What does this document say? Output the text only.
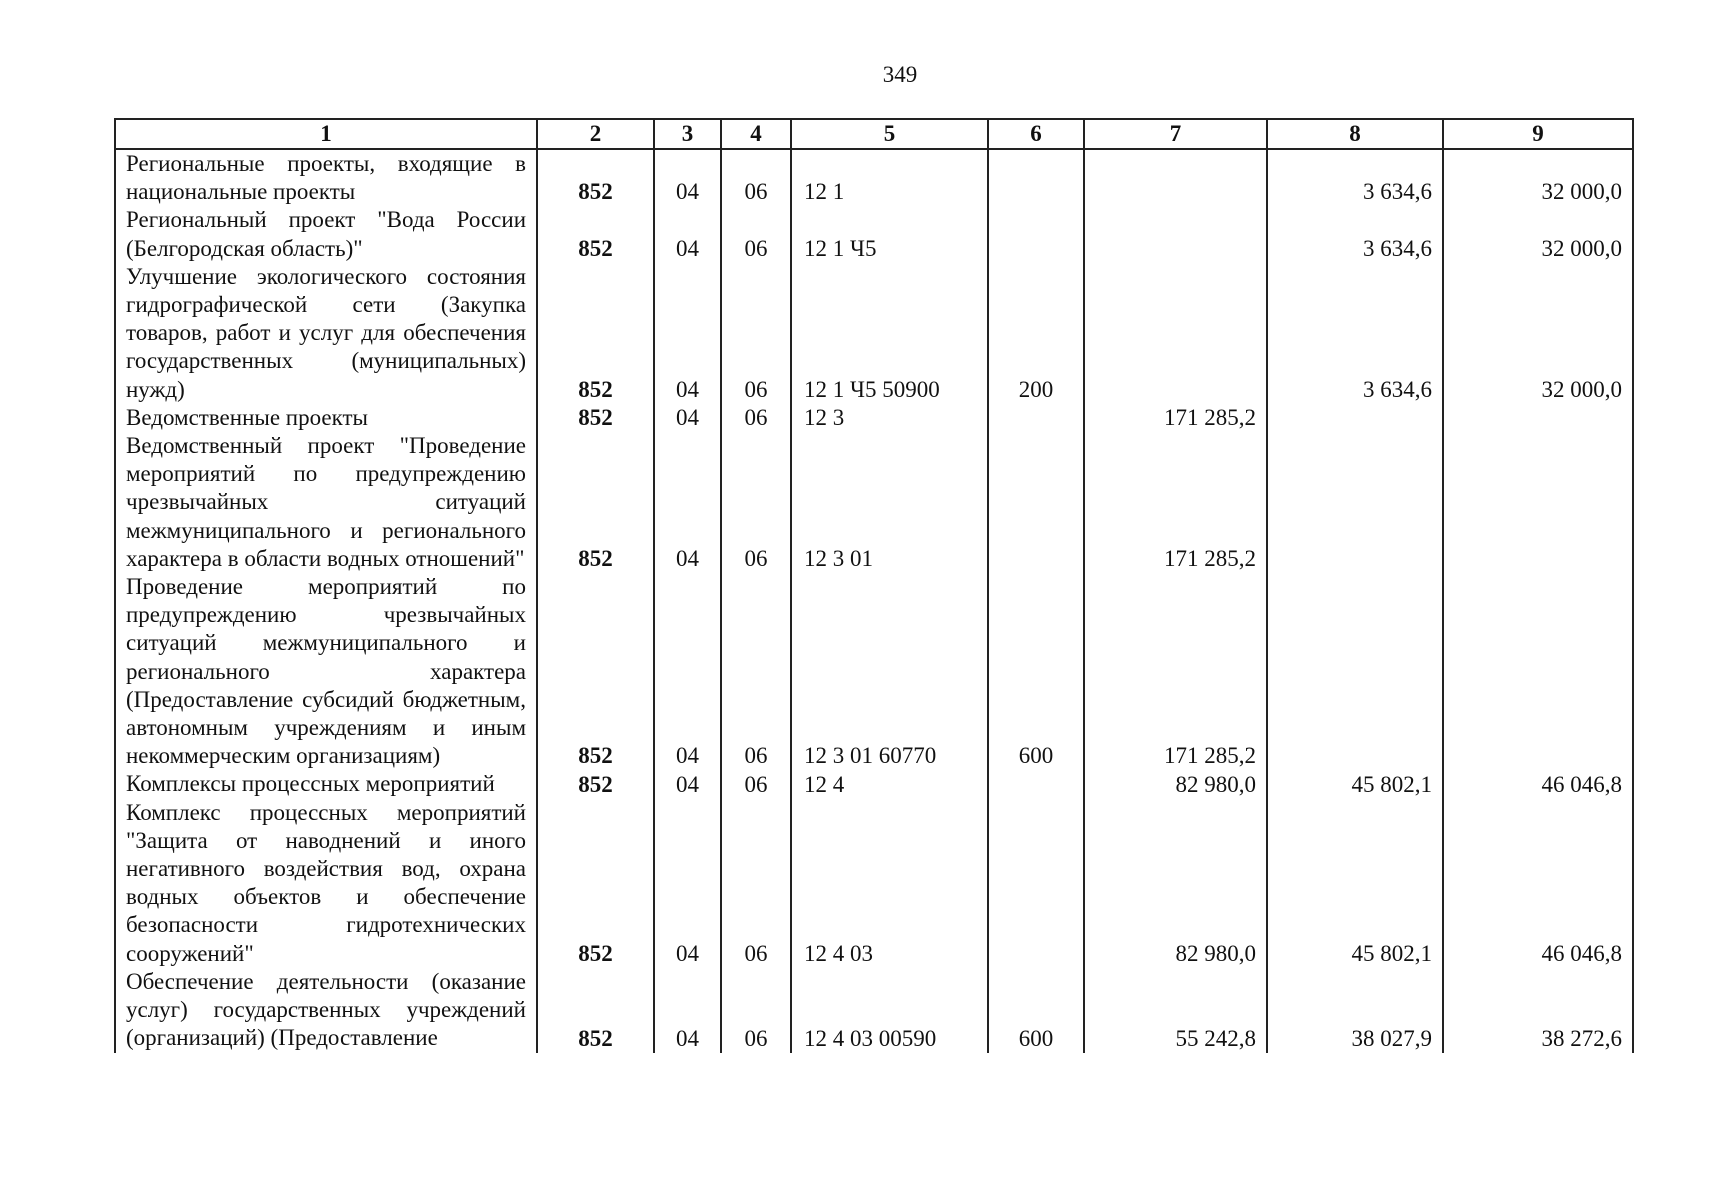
349
1	2	3	4	5	6	7	8	9
Региональные проекты, входящие в национальные проекты	852	04	06	12 1			3 634,6	32 000,0
Региональный проект "Вода России (Белгородская область)"	852	04	06	12 1 Ч5			3 634,6	32 000,0
Улучшение экологического состояния гидрографической сети (Закупка товаров, работ и услуг для обеспечения государственных (муниципальных) нужд)	852	04	06	12 1 Ч5 50900	200		3 634,6	32 000,0
Ведомственные проекты	852	04	06	12 3		171 285,2		
Ведомственный проект "Проведение мероприятий по предупреждению чрезвычайных ситуаций межмуниципального и регионального характера в области водных отношений"	852	04	06	12 3 01		171 285,2		
Проведение мероприятий по предупреждению чрезвычайных ситуаций межмуниципального и регионального характера (Предоставление субсидий бюджетным, автономным учреждениям и иным некоммерческим организациям)	852	04	06	12 3 01 60770	600	171 285,2		
Комплексы процессных мероприятий	852	04	06	12 4		82 980,0	45 802,1	46 046,8
Комплекс процессных мероприятий "Защита от наводнений и иного негативного воздействия вод, охрана водных объектов и обеспечение безопасности гидротехнических сооружений"	852	04	06	12 4 03		82 980,0	45 802,1	46 046,8
Обеспечение деятельности (оказание услуг) государственных учреждений (организаций) (Предоставление	852	04	06	12 4 03 00590	600	55 242,8	38 027,9	38 272,6
